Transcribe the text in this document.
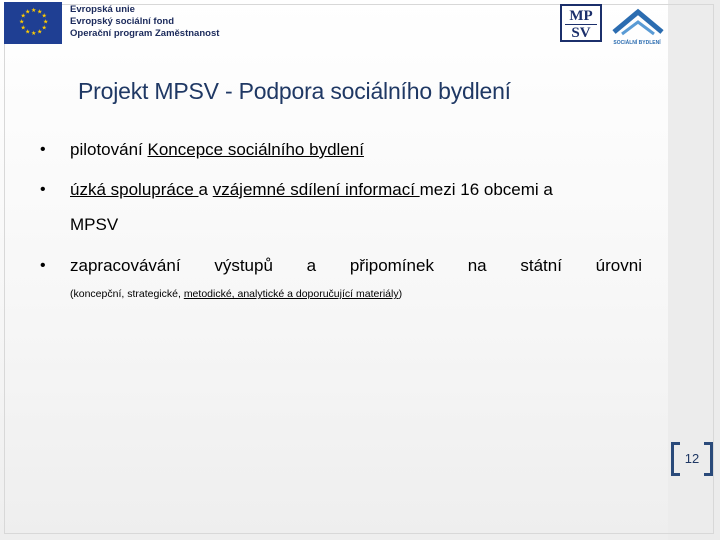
★ ★
★
★
★
★
★
★
★
★
★
★	Evropská unie
Evropský sociální fond
Operační program Zaměstnanost
MP
SV
SOCIÁLNÍ BYDLENÍ
Projekt MPSV - Podpora sociálního bydlení
• pilotování Koncepce sociálního bydlení
• úzká spolupráce a vzájemné sdílení informací mezi 16 obcemi a
MPSV
• zapracovávání výstupů a připomínek na státní úrovni
(koncepční, strategické, metodické, analytické a doporučující materiály)
12
